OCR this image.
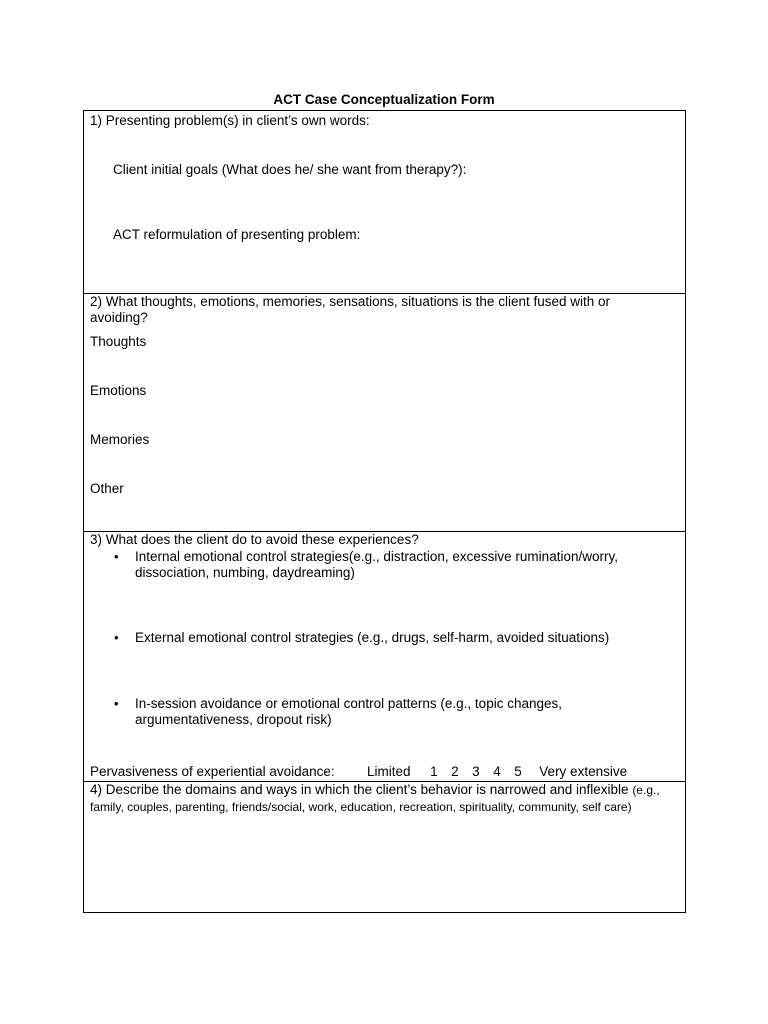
ACT Case Conceptualization Form
1) Presenting problem(s) in client’s own words:
Client initial goals (What does he/ she want from therapy?):
ACT reformulation of presenting problem:
2) What thoughts, emotions, memories, sensations, situations is the client fused with or
avoiding?
Thoughts
Emotions
Memories
Other
3) What does the client do to avoid these experiences?
• Internal emotional control strategies(e.g., distraction, excessive rumination/worry,
dissociation, numbing, daydreaming)
• External emotional control strategies (e.g., drugs, self-harm, avoided situations)
• In-session avoidance or emotional control patterns (e.g., topic changes,
argumentativeness, dropout risk)
Pervasiveness of experiential avoidance: Limited 1 2 3 4 5 Very extensive
4) Describe the domains and ways in which the client’s behavior is narrowed and inflexible (e.g.,
family, couples, parenting, friends/social, work, education, recreation, spirituality, community, self care)
